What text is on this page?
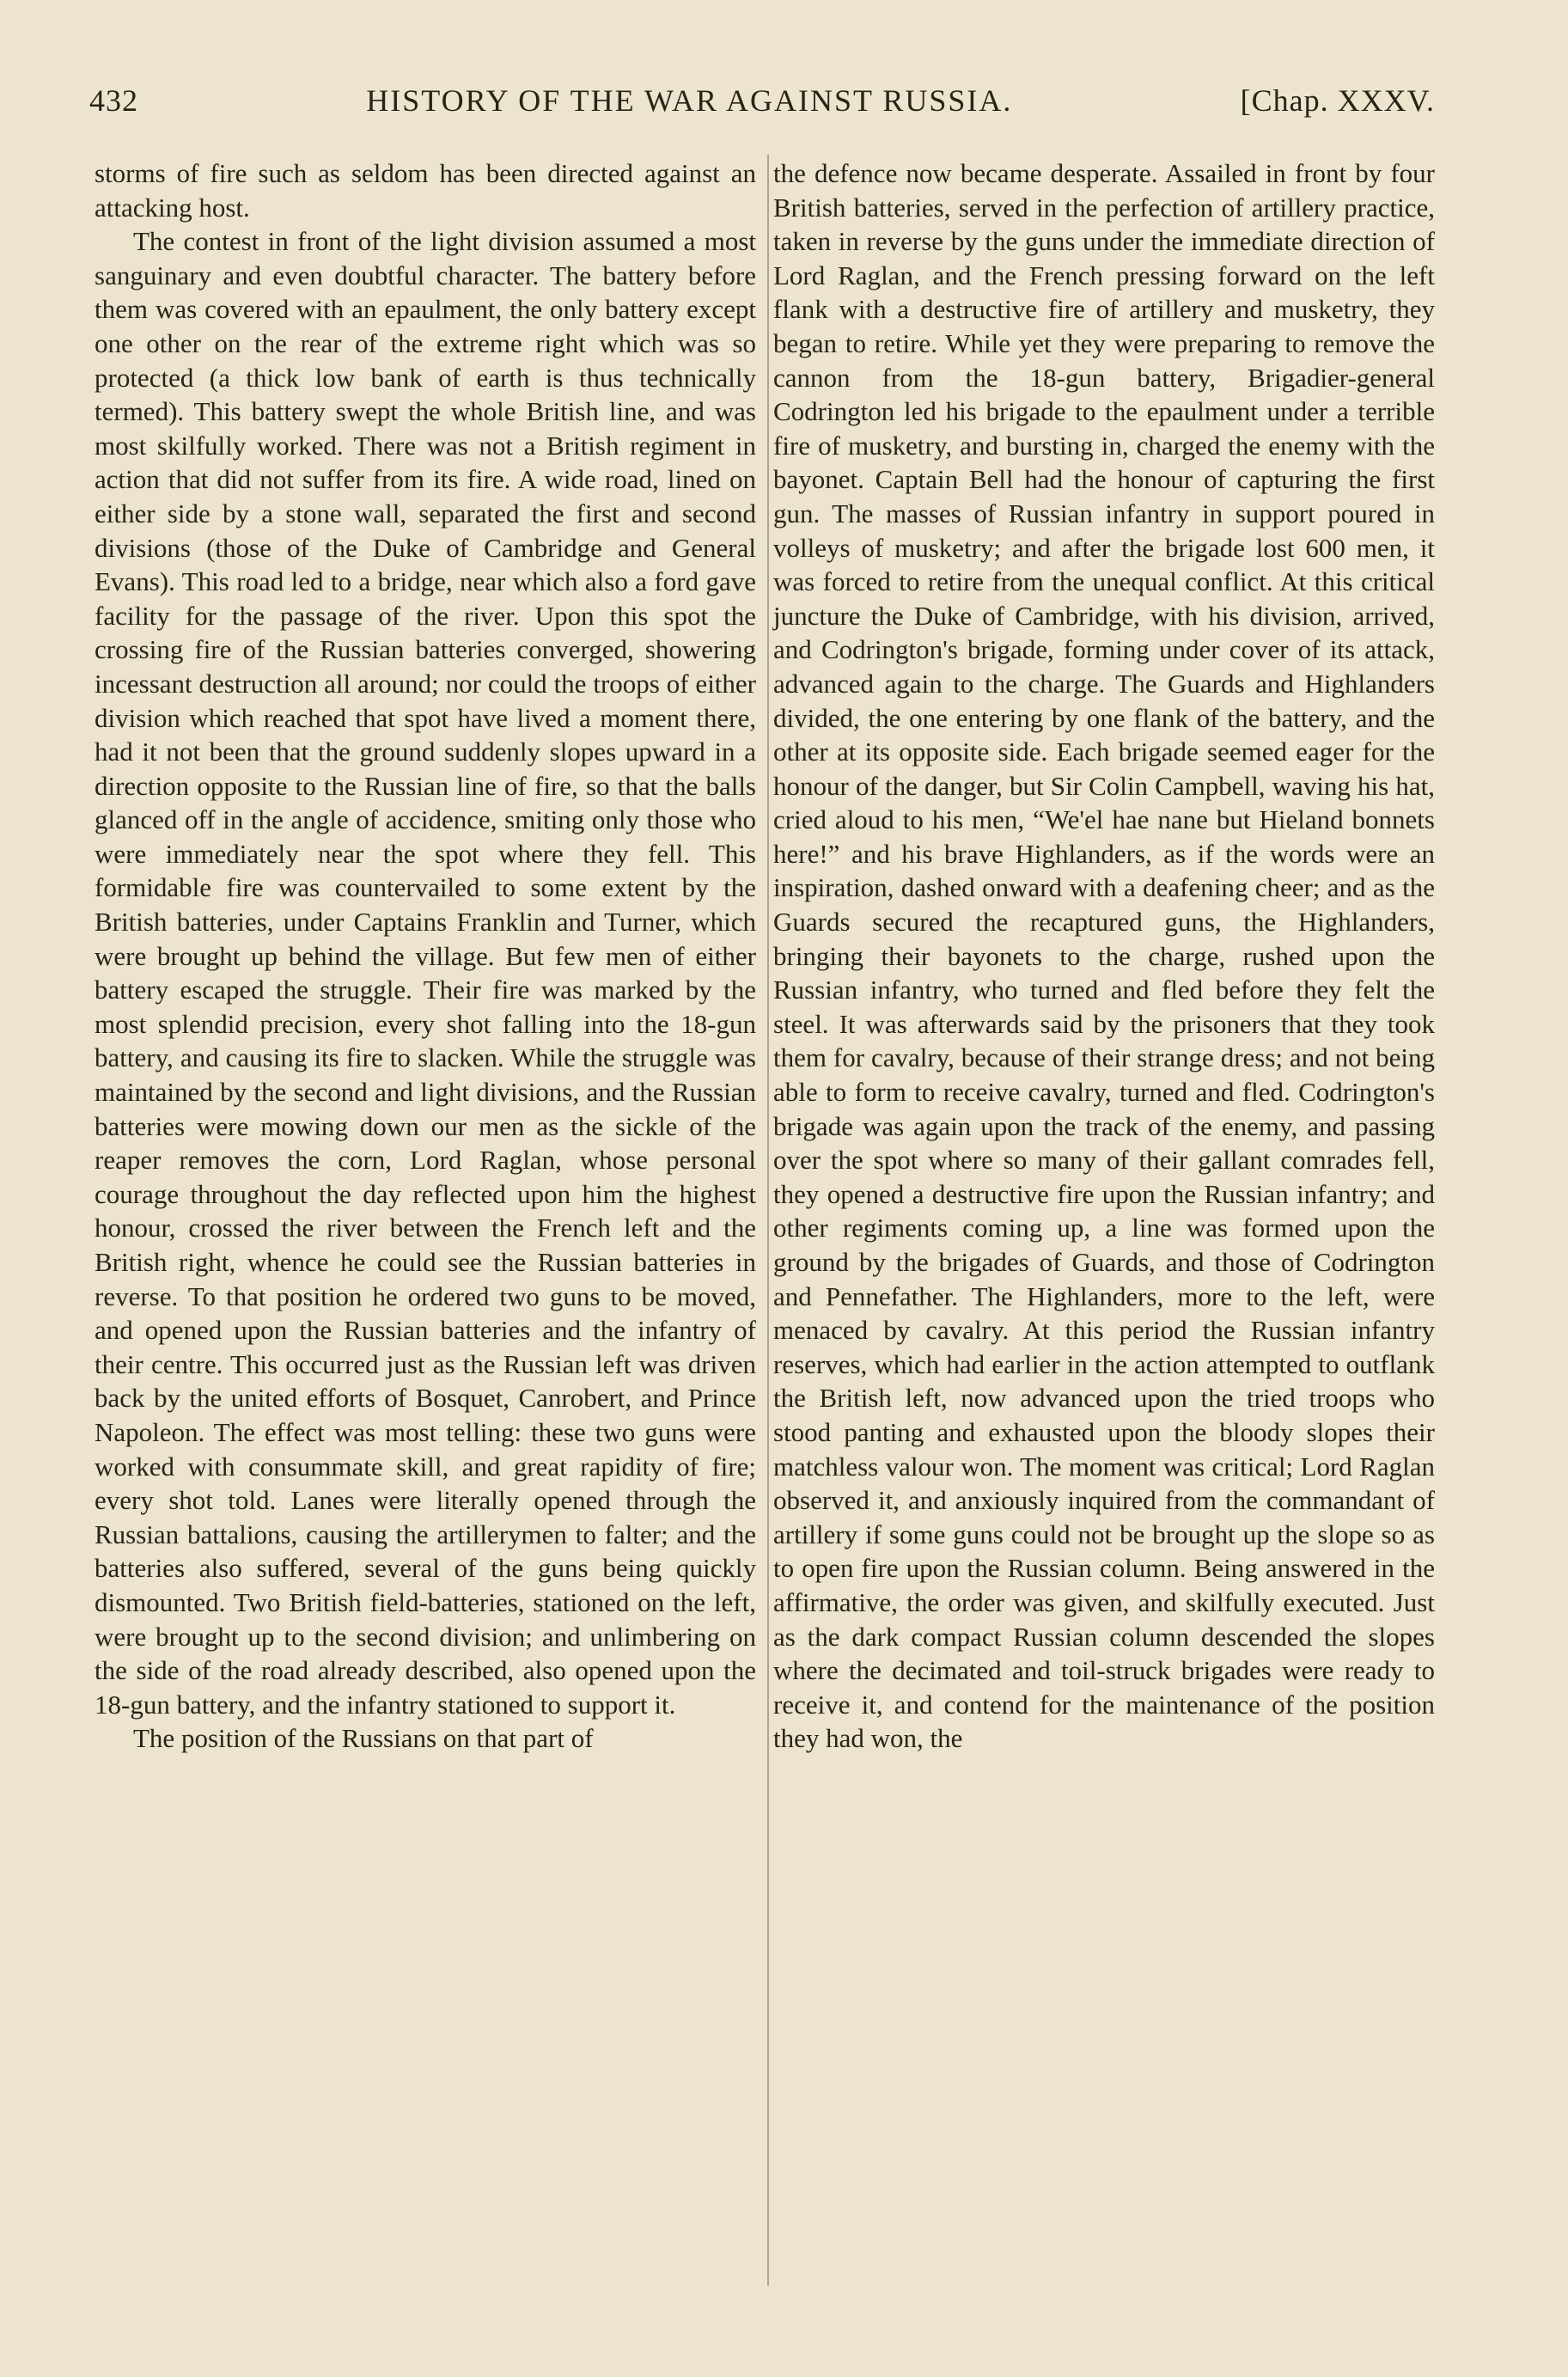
432	HISTORY OF THE WAR AGAINST RUSSIA.	[Chap. XXXV.

storms of fire such as seldom has been directed against an attacking host.

The contest in front of the light division assumed a most sanguinary and even doubtful character. The battery before them was covered with an epaulment, the only battery except one other on the rear of the extreme right which was so protected (a thick low bank of earth is thus technically termed). This battery swept the whole British line, and was most skilfully worked. There was not a British regiment in action that did not suffer from its fire. A wide road, lined on either side by a stone wall, separated the first and second divisions (those of the Duke of Cambridge and General Evans). This road led to a bridge, near which also a ford gave facility for the passage of the river. Upon this spot the crossing fire of the Russian batteries converged, showering incessant destruction all around; nor could the troops of either division which reached that spot have lived a moment there, had it not been that the ground suddenly slopes upward in a direction opposite to the Russian line of fire, so that the balls glanced off in the angle of accidence, smiting only those who were immediately near the spot where they fell. This formidable fire was countervailed to some extent by the British batteries, under Captains Franklin and Turner, which were brought up behind the village. But few men of either battery escaped the struggle. Their fire was marked by the most splendid precision, every shot falling into the 18-gun battery, and causing its fire to slacken. While the struggle was maintained by the second and light divisions, and the Russian batteries were mowing down our men as the sickle of the reaper removes the corn, Lord Raglan, whose personal courage throughout the day reflected upon him the highest honour, crossed the river between the French left and the British right, whence he could see the Russian batteries in reverse. To that position he ordered two guns to be moved, and opened upon the Russian batteries and the infantry of their centre. This occurred just as the Russian left was driven back by the united efforts of Bosquet, Canrobert, and Prince Napoleon. The effect was most telling: these two guns were worked with consummate skill, and great rapidity of fire; every shot told. Lanes were literally opened through the Russian battalions, causing the artillerymen to falter; and the batteries also suffered, several of the guns being quickly dismounted. Two British field-batteries, stationed on the left, were brought up to the second division; and unlimbering on the side of the road already described, also opened upon the 18-gun battery, and the infantry stationed to support it.

The position of the Russians on that part of

the defence now became desperate. Assailed in front by four British batteries, served in the perfection of artillery practice, taken in reverse by the guns under the immediate direction of Lord Raglan, and the French pressing forward on the left flank with a destructive fire of artillery and musketry, they began to retire. While yet they were preparing to remove the cannon from the 18-gun battery, Brigadier-general Codrington led his brigade to the epaulment under a terrible fire of musketry, and bursting in, charged the enemy with the bayonet. Captain Bell had the honour of capturing the first gun. The masses of Russian infantry in support poured in volleys of musketry; and after the brigade lost 600 men, it was forced to retire from the unequal conflict. At this critical juncture the Duke of Cambridge, with his division, arrived, and Codrington's brigade, forming under cover of its attack, advanced again to the charge. The Guards and Highlanders divided, the one entering by one flank of the battery, and the other at its opposite side. Each brigade seemed eager for the honour of the danger, but Sir Colin Campbell, waving his hat, cried aloud to his men, “We'el hae nane but Hieland bonnets here!” and his brave Highlanders, as if the words were an inspiration, dashed onward with a deafening cheer; and as the Guards secured the recaptured guns, the Highlanders, bringing their bayonets to the charge, rushed upon the Russian infantry, who turned and fled before they felt the steel. It was afterwards said by the prisoners that they took them for cavalry, because of their strange dress; and not being able to form to receive cavalry, turned and fled. Codrington's brigade was again upon the track of the enemy, and passing over the spot where so many of their gallant comrades fell, they opened a destructive fire upon the Russian infantry; and other regiments coming up, a line was formed upon the ground by the brigades of Guards, and those of Codrington and Pennefather. The Highlanders, more to the left, were menaced by cavalry. At this period the Russian infantry reserves, which had earlier in the action attempted to outflank the British left, now advanced upon the tried troops who stood panting and exhausted upon the bloody slopes their matchless valour won. The moment was critical; Lord Raglan observed it, and anxiously inquired from the commandant of artillery if some guns could not be brought up the slope so as to open fire upon the Russian column. Being answered in the affirmative, the order was given, and skilfully executed. Just as the dark compact Russian column descended the slopes where the decimated and toil-struck brigades were ready to receive it, and contend for the maintenance of the position they had won, the
